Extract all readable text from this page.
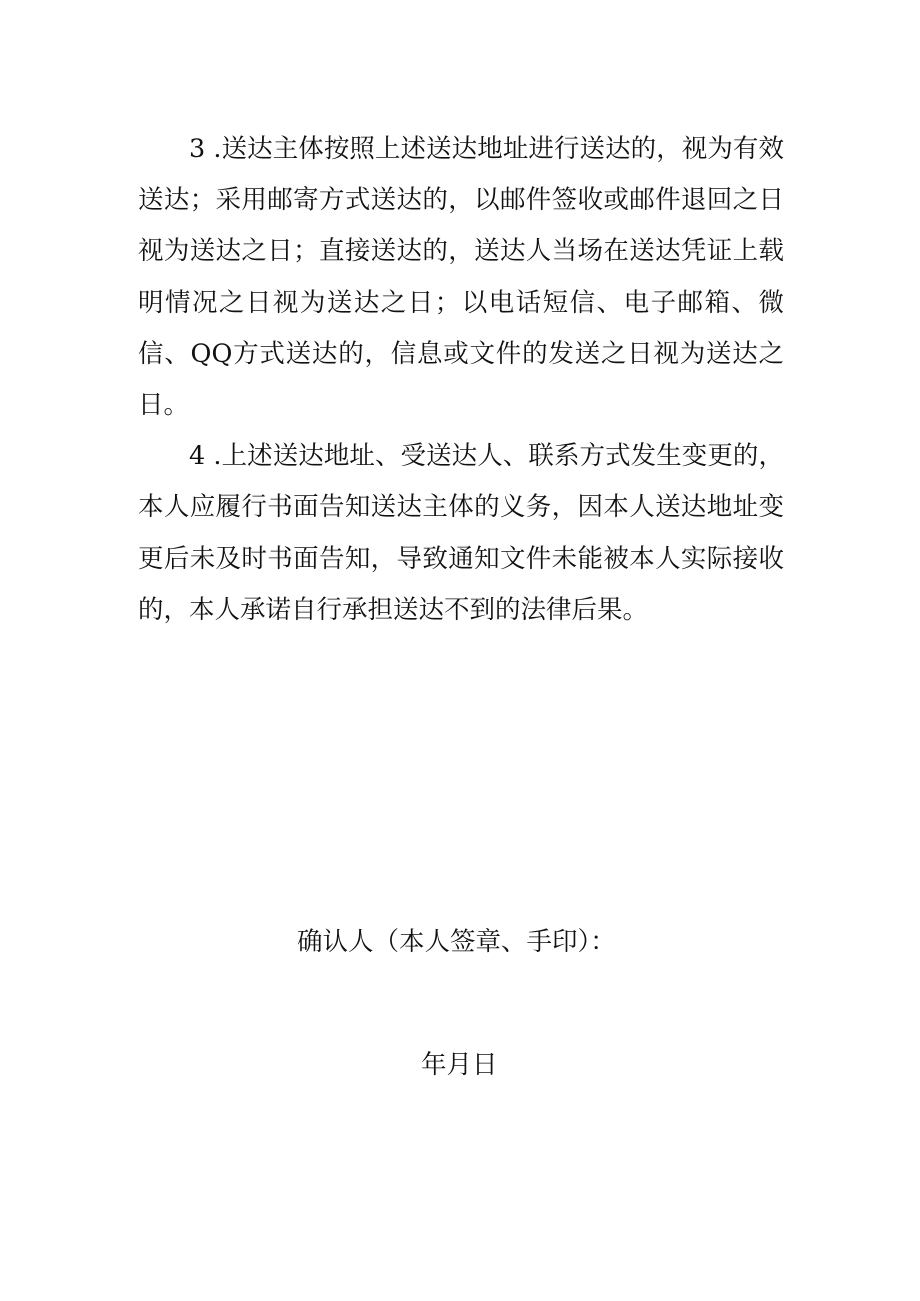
3 .送达主体按照上述送达地址进行送达的，视为有效送达；采用邮寄方式送达的，以邮件签收或邮件退回之日视为送达之日；直接送达的，送达人当场在送达凭证上载明情况之日视为送达之日；以电话短信、电子邮箱、微信、QQ方式送达的，信息或文件的发送之日视为送达之日。

4 .上述送达地址、受送达人、联系方式发生变更的，本人应履行书面告知送达主体的义务，因本人送达地址变更后未及时书面告知，导致通知文件未能被本人实际接收的，本人承诺自行承担送达不到的法律后果。

确认人（本人签章、手印）：
年月日
